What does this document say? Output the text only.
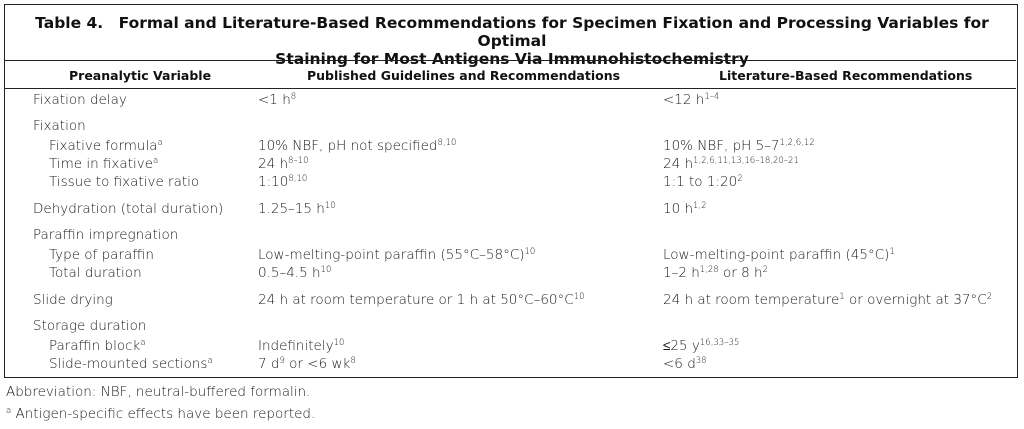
Table 4. Formal and Literature-Based Recommendations for Specimen Fixation and Processing Variables for Optimal
Staining for Most Antigens Via Immunohistochemistry
Preanalytic Variable	Published Guidelines and Recommendations	Literature-Based Recommendations
Fixation delay	<1 $h^8$	<12 $h^{1-4}$
Fixation
Fixative formula$^a$	10% NBF, pH not specified$^{8,10}$	10% NBF, pH 5–7$^{1,2,6,12}$
Time in fixative$^a$	24 $h^{8-10}$	24 $h^{1,2,6,11,13,16-18,20-21}$
Tissue to fixative ratio	1:10$^{8,10}$	1:1 to $1:20^2$
Dehydration (total duration)	1.25–15 $h^{10}$	10 $h^{1,2}$
Paraffin impregnation
Type of paraffin	Low-melting-point paraffin $(55^\circ C-58^\circ C)^{10}$	Low-melting-point paraffin $(45^\circ C)^1$
Total duration	0.5–4.5 $h^{10}$	1–2 $h^{1,28}$ or 8 $h^2$
Slide drying	24 h at room temperature or 1 h at $50^\circ C-60^\circ C^{10}$	24 h at room temperature$^1$ or overnight at $37^\circ C^2$
Storage duration
Paraffin block$^a$	Indefinitely$^{10}$	≤25 $y^{16,33-35}$
Slide-mounted sections$^a$	7 $d^9$ or <6 $wk^8$	<6 $d^{38}$
Abbreviation: NBF, neutral-buffered formalin.
$^a$ Antigen-specific effects have been reported.
